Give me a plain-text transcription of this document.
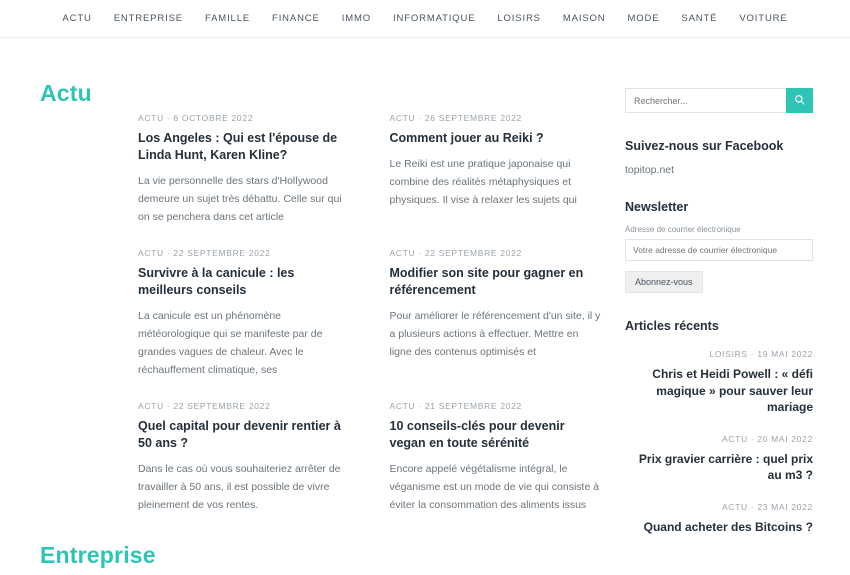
ACTU ENTREPRISE FAMILLE FINANCE IMMO INFORMATIQUE LOISIRS MAISON MODE SANTÉ VOITURE
Actu
ACTU · 6 OCTOBRE 2022
Los Angeles : Qui est l'épouse de Linda Hunt, Karen Kline?

La vie personnelle des stars d'Hollywood demeure un sujet très débattu. Celle sur qui on se penchera dans cet article

ACTU · 26 SEPTEMBRE 2022
Comment jouer au Reiki ?

Le Reiki est une pratique japonaise qui combine des réalités métaphysiques et physiques. Il vise à relaxer les sujets qui

ACTU · 22 SEPTEMBRE 2022
Survivre à la canicule : les meilleurs conseils

La canicule est un phénomène météorologique qui se manifeste par de grandes vagues de chaleur. Avec le réchauffement climatique, ses

ACTU · 22 SEPTEMBRE 2022
Modifier son site pour gagner en référencement

Pour améliorer le référencement d'un site, il y a plusieurs actions à effectuer. Mettre en ligne des contenus optimisés et

ACTU · 22 SEPTEMBRE 2022
Quel capital pour devenir rentier à 50 ans ?

Dans le cas où vous souhaiteriez arrêter de travailler à 50 ans, il est possible de vivre pleinement de vos rentes.

ACTU · 21 SEPTEMBRE 2022
10 conseils-clés pour devenir vegan en toute sérénité

Encore appelé végétalisme intégral, le véganisme est un mode de vie qui consiste à éviter la consommation des aliments issus

Entreprise
Rechercher...
Suivez-nous sur Facebook

topitop.net

Newsletter
Adresse de courrier électronique
Votre adresse de courrier électronique Abonnez-vous
Articles récents
LOISIRS · 19 MAI 2022
Chris et Heidi Powell : « défi magique » pour sauver leur mariage
ACTU · 20 MAI 2022
Prix gravier carrière : quel prix au m3 ?
ACTU · 23 MAI 2022
Quand acheter des Bitcoins ?
